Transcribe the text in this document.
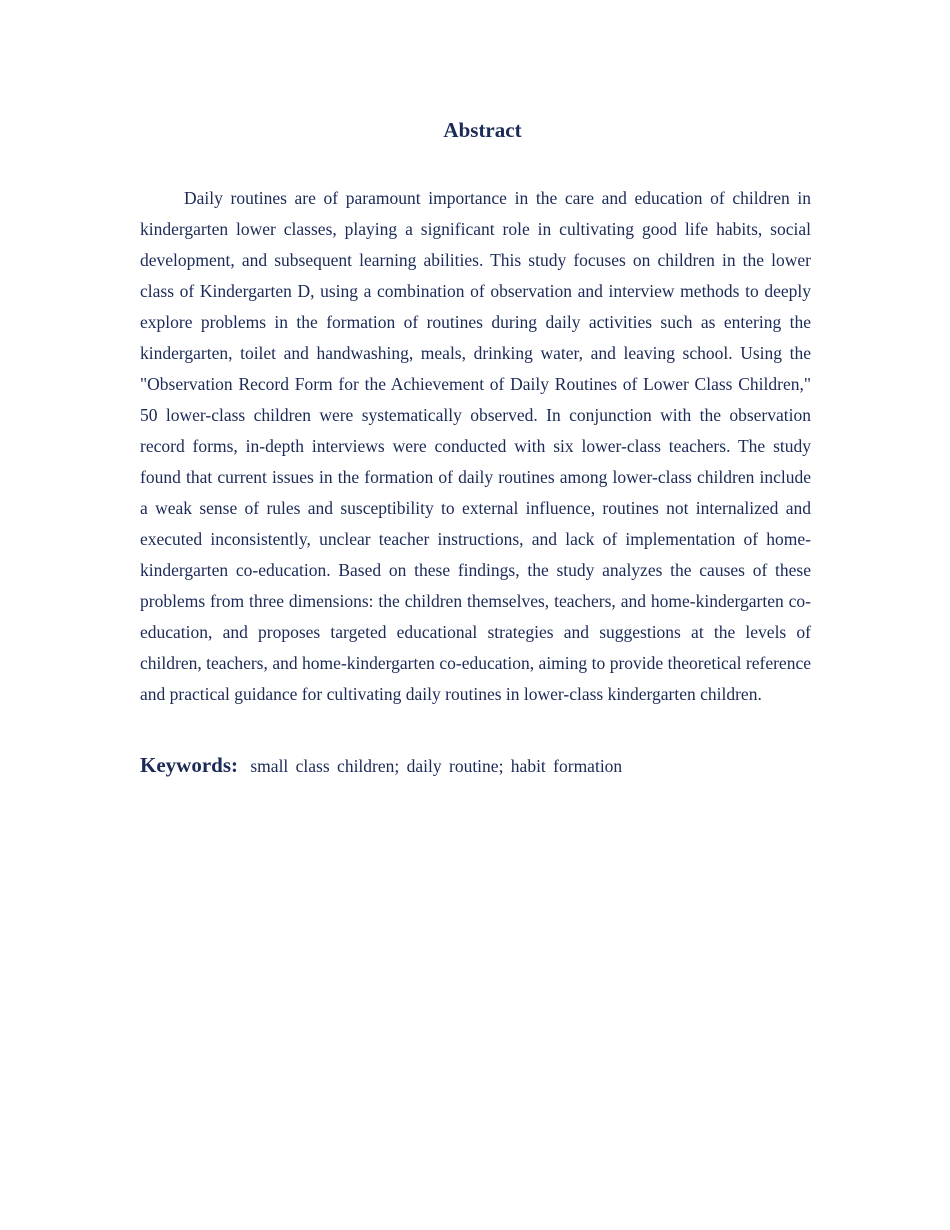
Abstract

Daily routines are of paramount importance in the care and education of children in kindergarten lower classes, playing a significant role in cultivating good life habits, social development, and subsequent learning abilities. This study focuses on children in the lower class of Kindergarten D, using a combination of observation and interview methods to deeply explore problems in the formation of routines during daily activities such as entering the kindergarten, toilet and handwashing, meals, drinking water, and leaving school. Using the "Observation Record Form for the Achievement of Daily Routines of Lower Class Children," 50 lower-class children were systematically observed. In conjunction with the observation record forms, in-depth interviews were conducted with six lower-class teachers. The study found that current issues in the formation of daily routines among lower-class children include a weak sense of rules and susceptibility to external influence, routines not internalized and executed inconsistently, unclear teacher instructions, and lack of implementation of home-kindergarten co-education. Based on these findings, the study analyzes the causes of these problems from three dimensions: the children themselves, teachers, and home-kindergarten co-education, and proposes targeted educational strategies and suggestions at the levels of children, teachers, and home-kindergarten co-education, aiming to provide theoretical reference and practical guidance for cultivating daily routines in lower-class kindergarten children.

Keywords: small class children; daily routine; habit formation
